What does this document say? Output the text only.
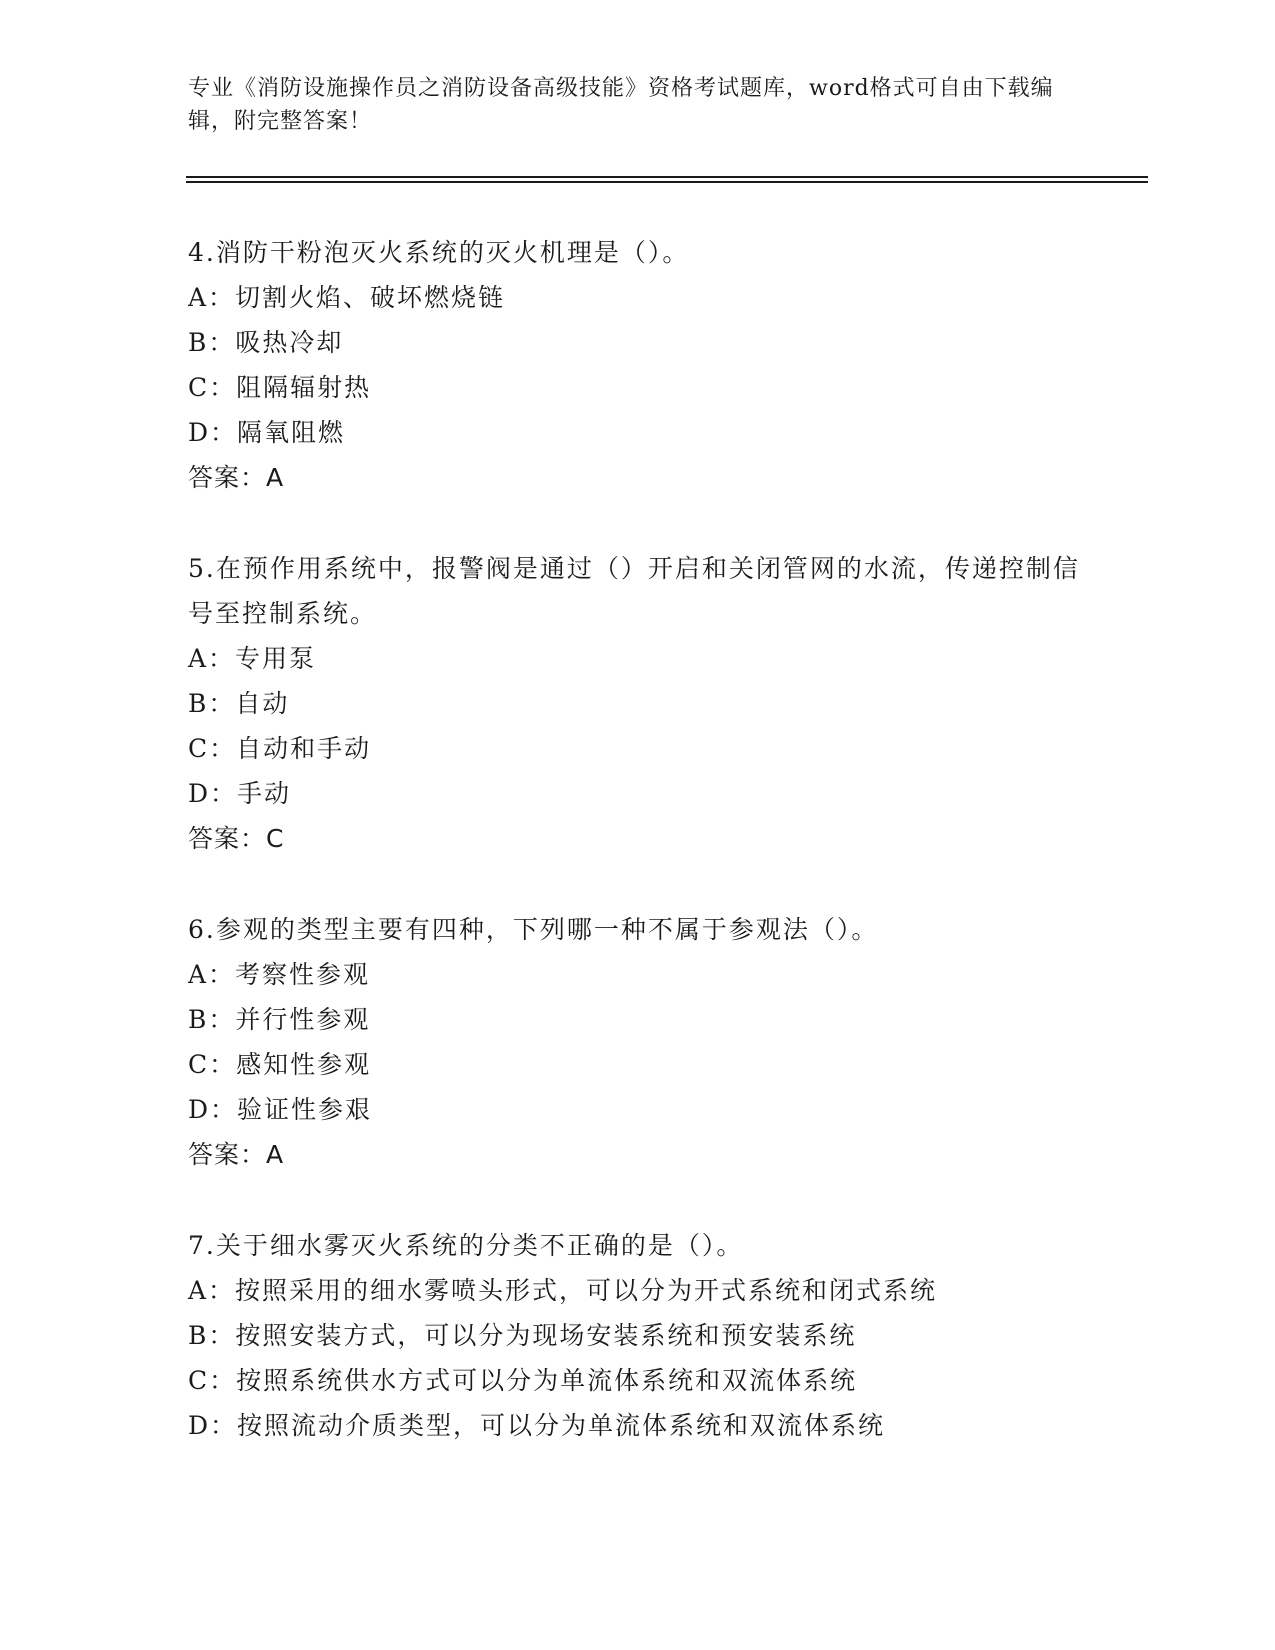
专业《消防设施操作员之消防设备高级技能》资格考试题库，word格式可自由下载编辑，附完整答案！

4.消防干粉泡灭火系统的灭火机理是（）。

A：切割火焰、破坏燃烧链

B：吸热冷却

C：阻隔辐射热

D：隔氧阻燃

答案：A

5.在预作用系统中，报警阀是通过（）开启和关闭管网的水流，传递控制信号至控制系统。

A：专用泵

B：自动

C：自动和手动

D：手动

答案：C

6.参观的类型主要有四种，下列哪一种不属于参观法（）。

A：考察性参观

B：并行性参观

C：感知性参观

D：验证性参艰

答案：A

7.关于细水雾灭火系统的分类不正确的是（）。

A：按照采用的细水雾喷头形式，可以分为开式系统和闭式系统

B：按照安装方式，可以分为现场安装系统和预安装系统

C：按照系统供水方式可以分为单流体系统和双流体系统

D：按照流动介质类型，可以分为单流体系统和双流体系统
